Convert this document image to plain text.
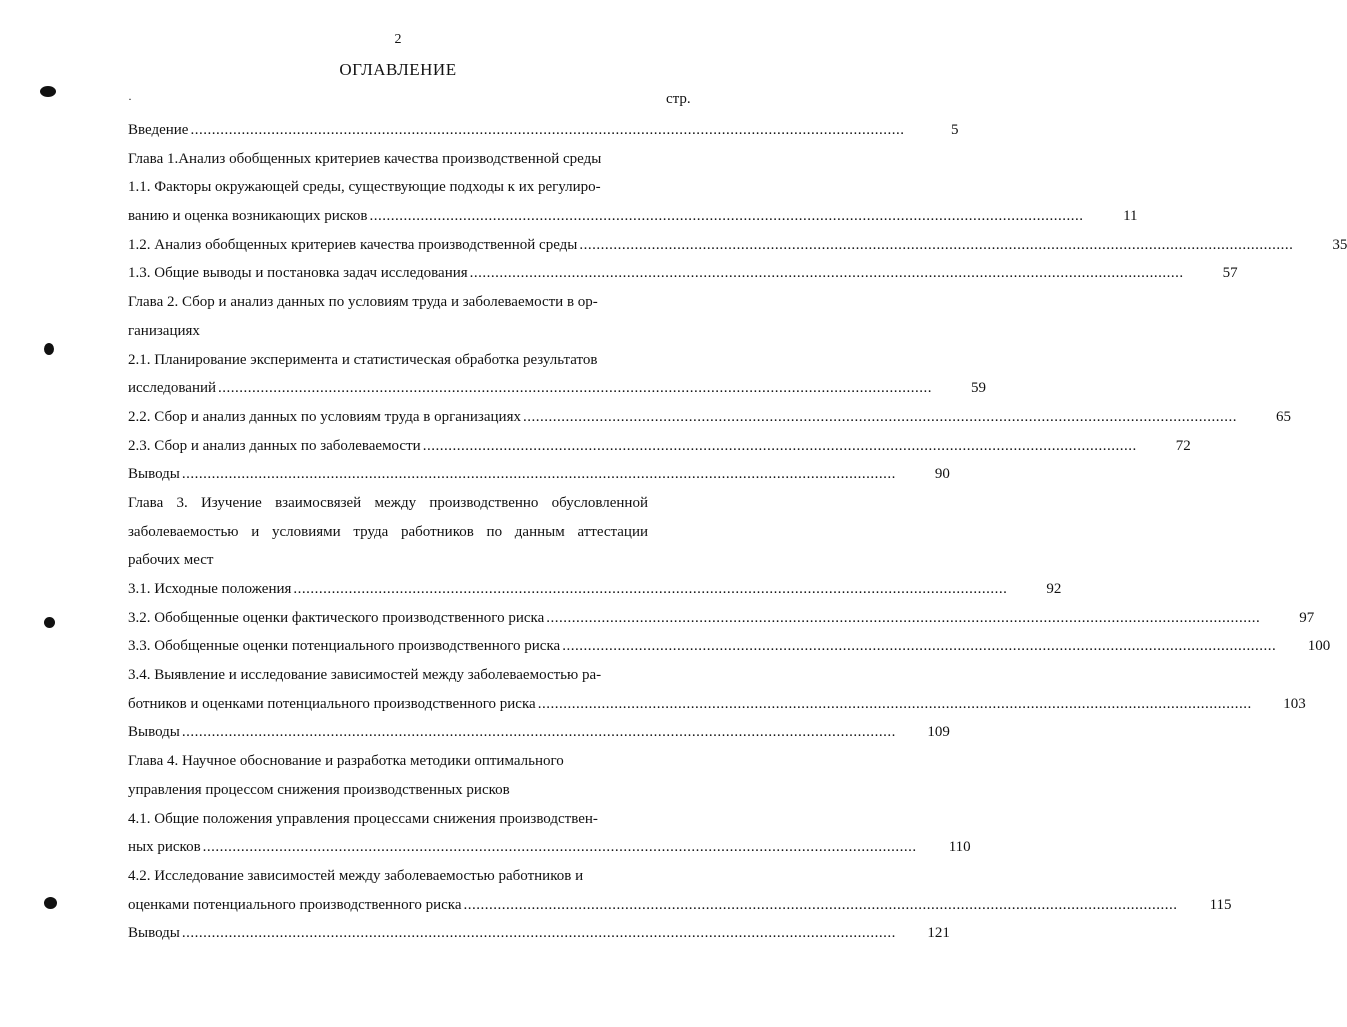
2
ОГЛАВЛЕНИЕ
·	стр.
Введение .....	5
Глава 1.Анализ обобщенных критериев качества производственной среды
1.1. Факторы окружающей среды, существующие подходы к их регулиро-
ванию и оценка возникающих рисков .....	11
1.2. Анализ обобщенных критериев качества производственной среды .....	35
1.3. Общие выводы и постановка задач исследования .....	57
Глава 2. Сбор и анализ данных по условиям труда и заболеваемости в ор-
ганизациях
2.1. Планирование эксперимента и статистическая обработка результатов
исследований .....	59
2.2. Сбор и анализ данных по условиям труда в организациях .....	65
2.3. Сбор и анализ данных по заболеваемости .....	72
Выводы .....	90
Глава 3. Изучение взаимосвязей между производственно обусловленной
заболеваемостью и условиями труда работников по данным аттестации
рабочих мест
3.1. Исходные положения .....	92
3.2. Обобщенные оценки фактического производственного риска .....	97
3.3. Обобщенные оценки потенциального производственного риска .....	100
3.4. Выявление и исследование зависимостей между заболеваемостью ра-
ботников и оценками потенциального производственного риска .....	103
Выводы .....	109
Глава 4. Научное обоснование и разработка методики оптимального
управления процессом снижения производственных рисков
4.1. Общие положения управления процессами снижения производствен-
ных рисков .....	110
4.2. Исследование зависимостей между заболеваемостью работников и
оценками потенциального производственного риска .....	115
Выводы .....	121
